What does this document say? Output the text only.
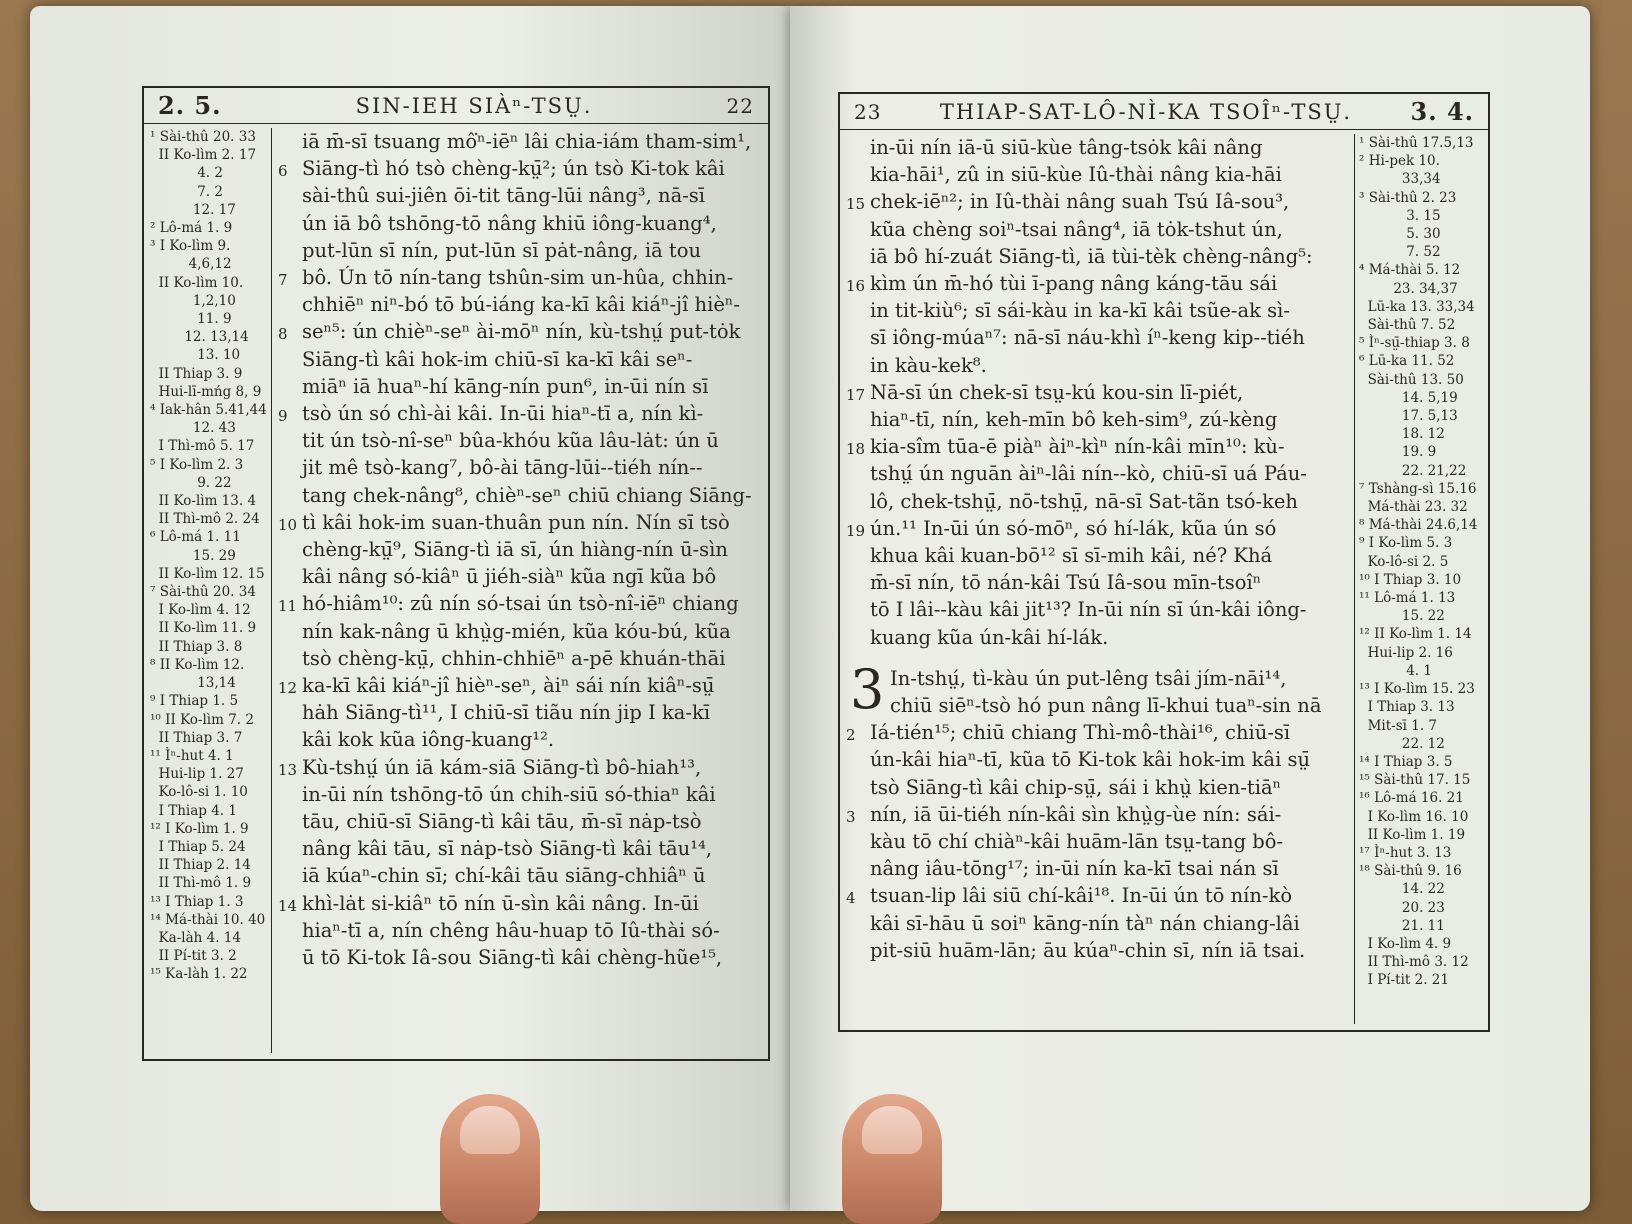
2. 5.	SIN-IEH SIÀⁿ-TSṲ.	22
¹ Sài-thû 20. 33
II Ko-lìm 2. 17
4. 2
7. 2
12. 17
² Lô-má 1. 9
³ I Ko-lìm 9.
4,6,12
II Ko-lìm 10.
1,2,10
11. 9
12. 13,14
13. 10
II Thiap 3. 9
Hui-lī-mńg 8, 9
⁴ Iak-hân 5.41,44
12. 43
I Thì-mô 5. 17
⁵ I Ko-lìm 2. 3
9. 22
II Ko-lìm 13. 4
II Thì-mô 2. 24
⁶ Lô-má 1. 11
15. 29
II Ko-lìm 12. 15
⁷ Sài-thû 20. 34
I Ko-lìm 4. 12
II Ko-lìm 11. 9
II Thiap 3. 8
⁸ II Ko-lìm 12.
13,14
⁹ I Thiap 1. 5
¹⁰ II Ko-lìm 7. 2
II Thiap 3. 7
¹¹ Ìⁿ-hut 4. 1
Hui-lip 1. 27
Ko-lô-si 1. 10
I Thiap 4. 1
¹² I Ko-lìm 1. 9
I Thiap 5. 24
II Thiap 2. 14
II Thì-mô 1. 9
¹³ I Thiap 1. 3
¹⁴ Má-thài 10. 40
Ka-làh 4. 14
II Pí-tit 3. 2
¹⁵ Ka-làh 1. 22
iā m̄-sī tsuang mô͘ⁿ-iēⁿ lâi chia-iám tham-sim¹,
6 Siāng-tì hó tsò chèng-kṳ̄²; ún tsò Ki-tok kâi
sài-thû sui-jiên ōi-tit tāng-lūi nâng³, nā-sī
ún iā bô tshōng-tō nâng khiū iông-kuang⁴,
put-lūn sī nín, put-lūn sī pȧt-nâng, iā tou
7 bô. Ún tō nín-tang tshûn-sim un-hûa, chhin-
chhiēⁿ niⁿ-bó tō bú-iáng ka-kī kâi kiáⁿ-jî hièⁿ-
8 seⁿ⁵: ún chièⁿ-seⁿ ài-mōⁿ nín, kù-tshṳ́ put-tȯk
Siāng-tì kâi hok-im chiū-sī ka-kī kâi seⁿ-
miāⁿ iā huaⁿ-hí kāng-nín pun⁶, in-ūi nín sī
9 tsò ún só chì-ài kâi. In-ūi hiaⁿ-tī a, nín kì-
tit ún tsò-nî-seⁿ bûa-khóu kũa lâu-lȧt: ún ū
jit mê tsò-kang⁷, bô-ài tāng-lūi--tiéh nín--
tang chek-nâng⁸, chièⁿ-seⁿ chiū chiang Siāng-
10 tì kâi hok-im suan-thuân pun nín. Nín sī tsò
chèng-kṳ̄⁹, Siāng-tì iā sī, ún hiàng-nín ū-sìn
kâi nâng só-kiâⁿ ū jiéh-siàⁿ kũa ngī kũa bô
11 hó-hiâm¹⁰: zû nín só-tsai ún tsò-nî-iēⁿ chiang
nín kak-nâng ū khṳ̀g-mién, kũa kóu-bú, kũa
tsò chèng-kṳ̄, chhin-chhiēⁿ a-pē khuán-thāi
12 ka-kī kâi kiáⁿ-jî hièⁿ-seⁿ, àiⁿ sái nín kiâⁿ-sṳ̄
hȧh Siāng-tì¹¹, I chiū-sī tiãu nín jip I ka-kī
kâi kok kũa iông-kuang¹².
13 Kù-tshṳ́ ún iā kám-siā Siāng-tì bô-hiah¹³,
in-ūi nín tshōng-tō ún chih-siū só-thiaⁿ kâi
tāu, chiū-sī Siāng-tì kâi tāu, m̄-sī nȧp-tsò
nâng kâi tāu, sī nȧp-tsò Siāng-tì kâi tāu¹⁴,
iā kúaⁿ-chin sī; chí-kâi tāu siāng-chhiâⁿ ū
14 khì-lȧt si-kiâⁿ tō nín ū-sìn kâi nâng. In-ūi
hiaⁿ-tī a, nín chêng hâu-huap tō Iû-thài só-
ū tō Ki-tok Iâ-sou Siāng-tì kâi chèng-hũe¹⁵,
23	THIAP-SAT-LÔ-NÌ-KA TSOÎⁿ-TSṲ. 3. 4.
in-ūi nín iā-ū siū-kùe tâng-tsȯk kâi nâng
kia-hāi¹, zû in siū-kùe Iû-thài nâng kia-hāi
15 chek-iēⁿ²; in Iû-thài nâng suah Tsú Iâ-sou³,
kũa chèng soiⁿ-tsai nâng⁴, iā tȯk-tshut ún,
iā bô hí-zuát Siāng-tì, iā tùi-tèk chèng-nâng⁵:
16 kìm ún m̄-hó tùi ī-pang nâng káng-tāu sái
in tit-kiù⁶; sī sái-kàu in ka-kī kâi tsũe-ak sì-
sī iông-múaⁿ⁷: nā-sī náu-khì íⁿ-keng kip--tiéh
in kàu-kek⁸.
17 Nā-sī ún chek-sī tsṳ-kú kou-sin lī-piét,
hiaⁿ-tī, nín, keh-mīn bô keh-sim⁹, zú-kèng
18 kia-sîm tūa-ē piàⁿ àiⁿ-kìⁿ nín-kâi mīn¹⁰: kù-
tshṳ́ ún nguān àiⁿ-lâi nín--kò, chiū-sī uá Páu-
lô, chek-tshṳ̄, nō-tshṳ̄, nā-sī Sat-tãn tsó-keh
19 ún.¹¹ In-ūi ún só-mōⁿ, só hí-lák, kũa ún só
khua kâi kuan-bō¹² sī sī-mih kâi, né? Khá
m̄-sī nín, tō nán-kâi Tsú Iâ-sou mīn-tsoîⁿ
tō I lâi--kàu kâi jit¹³? In-ūi nín sī ún-kâi iông-
kuang kũa ún-kâi hí-lák.
3 In-tshṳ́, tì-kàu ún put-lêng tsâi jím-nāi¹⁴,
chiū siēⁿ-tsò hó pun nâng lī-khui tuaⁿ-sin nā
2 Iá-tién¹⁵; chiū chiang Thì-mô-thài¹⁶, chiū-sī
ún-kâi hiaⁿ-tī, kũa tō Ki-tok kâi hok-im kâi sṳ̄
tsò Siāng-tì kâi chip-sṳ̄, sái i khṳ̀ kien-tiāⁿ
3 nín, iā ūi-tiéh nín-kâi sìn khṳ̀g-ùe nín: sái-
kàu tō chí chiàⁿ-kâi huām-lān tsṳ-tang bô-
nâng iâu-tōng¹⁷; in-ūi nín ka-kī tsai nán sī
4 tsuan-lip lâi siū chí-kâi¹⁸. In-ūi ún tō nín-kò
kâi sī-hāu ū soiⁿ kāng-nín tàⁿ nán chiang-lâi
pit-siū huām-lān; āu kúaⁿ-chin sī, nín iā tsai.
¹ Sài-thû 17.5,13
² Hi-pek 10.
33,34
³ Sài-thû 2. 23
3. 15
5. 30
7. 52
⁴ Má-thài 5. 12
23. 34,37
Lū-ka 13. 33,34
Sài-thû 7. 52
⁵ Ìⁿ-sṳ̄-thiap 3. 8
⁶ Lū-ka 11. 52
Sài-thû 13. 50
14. 5,19
17. 5,13
18. 12
19. 9
22. 21,22
⁷ Tshàng-sì 15.16
Má-thài 23. 32
⁸ Má-thài 24.6,14
⁹ I Ko-lìm 5. 3
Ko-lô-si 2. 5
¹⁰ I Thiap 3. 10
¹¹ Lô-má 1. 13
15. 22
¹² II Ko-lìm 1. 14
Hui-lip 2. 16
4. 1
¹³ I Ko-lìm 15. 23
I Thiap 3. 13
Mit-sī 1. 7
22. 12
¹⁴ I Thiap 3. 5
¹⁵ Sài-thû 17. 15
¹⁶ Lô-má 16. 21
I Ko-lìm 16. 10
II Ko-lìm 1. 19
¹⁷ Ìⁿ-hut 3. 13
¹⁸ Sài-thû 9. 16
14. 22
20. 23
21. 11
I Ko-lìm 4. 9
II Thì-mô 3. 12
I Pí-tit 2. 21
